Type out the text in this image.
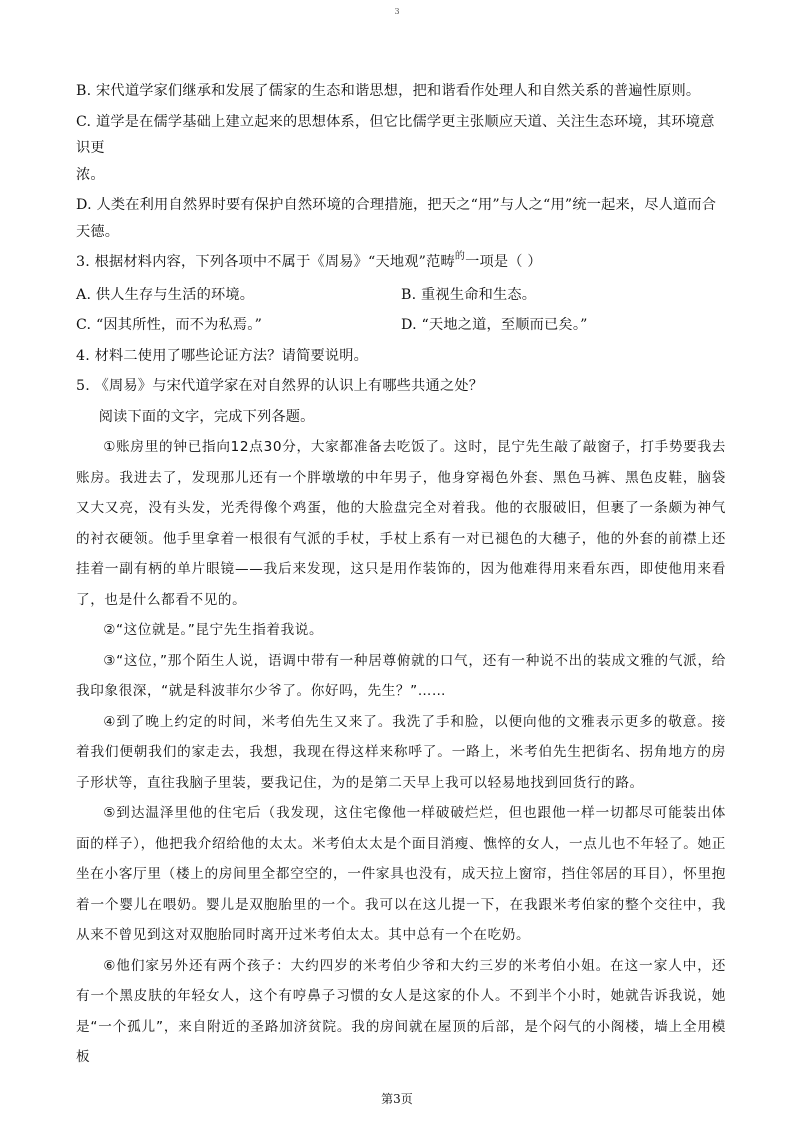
3

B. 宋代道学家们继承和发展了儒家的生态和谐思想，把和谐看作处理人和自然关系的普遍性原则。

C. 道学是在儒学基础上建立起来的思想体系，但它比儒学更主张顺应天道、关注生态环境，其环境意识更

浓。

D. 人类在利用自然界时要有保护自然环境的合理措施，把天之“用”与人之“用”统一起来，尽人道而合

天德。

3. 根据材料内容，下列各项中不属于《周易》“天地观”范畴$^的$一项是（ ）

A. 供人生存与生活的环境。	B. 重视生命和生态。
C. “因其所性，而不为私焉。”	D. “天地之道，至顺而已矣。”

4. 材料二使用了哪些论证方法？请简要说明。

5. 《周易》与宋代道学家在对自然界的认识上有哪些共通之处？

阅读下面的文字，完成下列各题。

①账房里的钟已指向12点30分，大家都准备去吃饭了。这时，昆宁先生敲了敲窗子，打手势要我去账房。我进去了，发现那儿还有一个胖墩墩的中年男子，他身穿褐色外套、黑色马裤、黑色皮鞋，脑袋又大又亮，没有头发，光秃得像个鸡蛋，他的大脸盘完全对着我。他的衣服破旧，但裹了一条颇为神气的衬衣硬领。他手里拿着一根很有气派的手杖，手杖上系有一对已褪色的大穗子，他的外套的前襟上还挂着一副有柄的单片眼镜——我后来发现，这只是用作装饰的，因为他难得用来看东西，即使他用来看了，也是什么都看不见的。

②“这位就是。”昆宁先生指着我说。

③“这位，”那个陌生人说，语调中带有一种居尊俯就的口气，还有一种说不出的装成文雅的气派，给我印象很深，“就是科波菲尔少爷了。你好吗，先生？”……

④到了晚上约定的时间，米考伯先生又来了。我洗了手和脸，以便向他的文雅表示更多的敬意。接着我们便朝我们的家走去，我想，我现在得这样来称呼了。一路上，米考伯先生把街名、拐角地方的房子形状等，直往我脑子里装，要我记住，为的是第二天早上我可以轻易地找到回货行的路。

⑤到达温泽里他的住宅后（我发现，这住宅像他一样破破烂烂，但也跟他一样一切都尽可能装出体面的样子），他把我介绍给他的太太。米考伯太太是个面目消瘦、憔悴的女人，一点儿也不年轻了。她正坐在小客厅里（楼上的房间里全都空空的，一件家具也没有，成天拉上窗帘，挡住邻居的耳目），怀里抱着一个婴儿在喂奶。婴儿是双胞胎里的一个。我可以在这儿提一下，在我跟米考伯家的整个交往中，我从来不曾见到这对双胞胎同时离开过米考伯太太。其中总有一个在吃奶。

⑥他们家另外还有两个孩子：大约四岁的米考伯少爷和大约三岁的米考伯小姐。在这一家人中，还有一个黑皮肤的年轻女人，这个有哼鼻子习惯的女人是这家的仆人。不到半个小时，她就告诉我说，她是“一个孤儿”，来自附近的圣路加济贫院。我的房间就在屋顶的后部，是个闷气的小阁楼，墙上全用模板

第3页
